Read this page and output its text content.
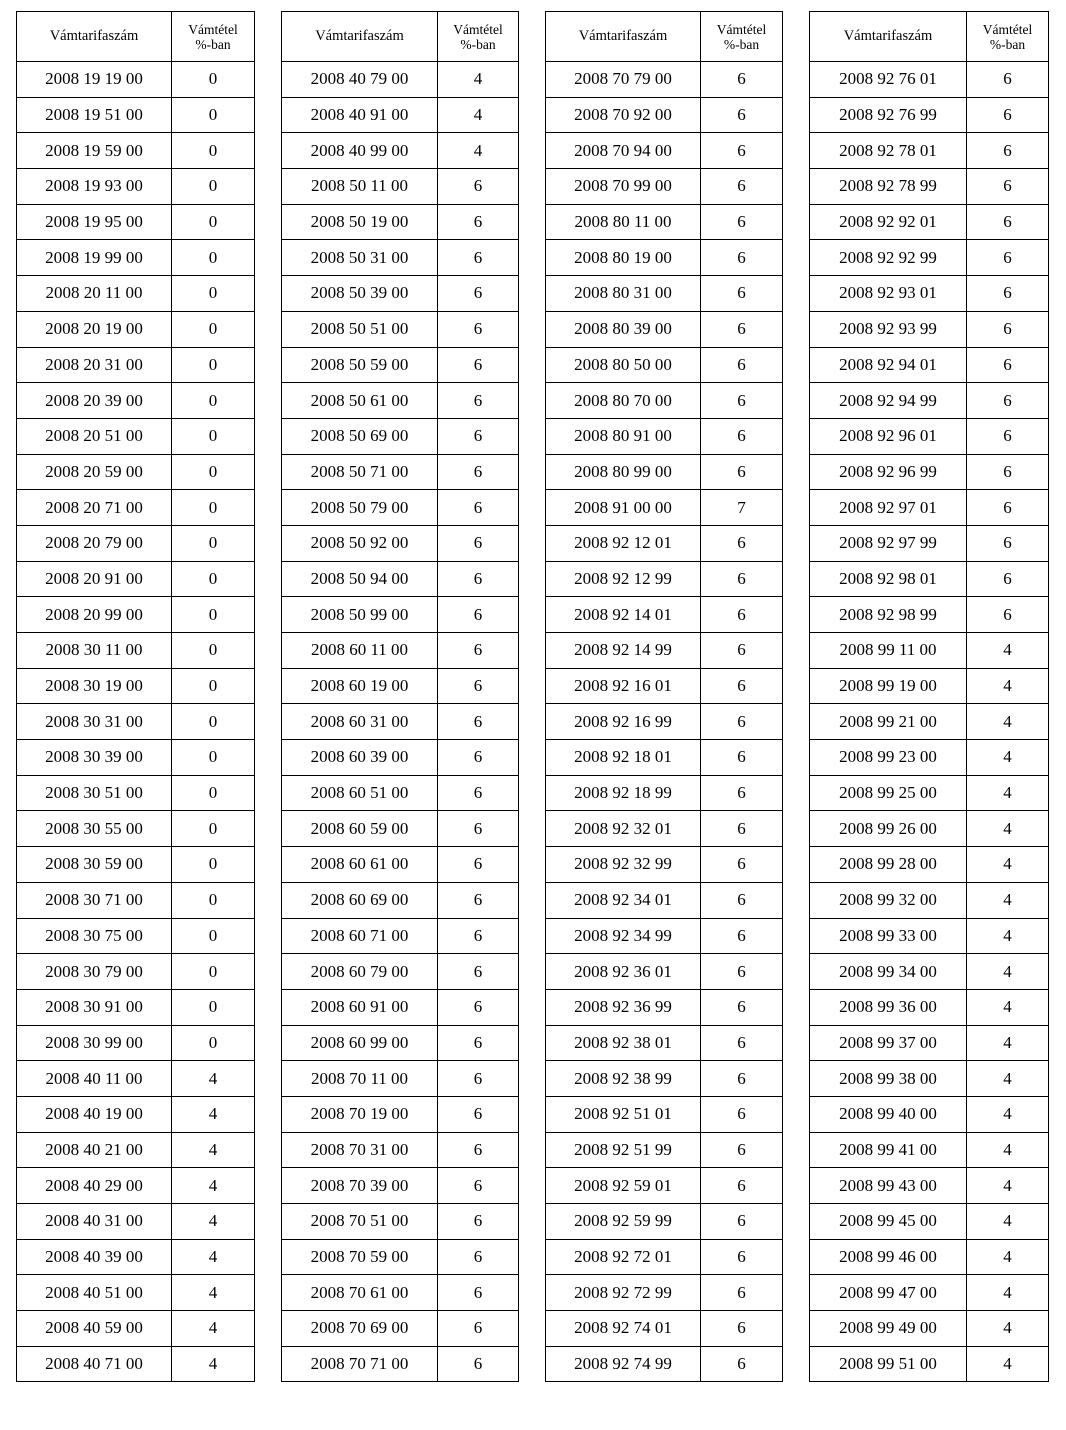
Vámtarifaszám	Vámtétel
%-ban
2008 19 19 00	0
2008 19 51 00	0
2008 19 59 00	0
2008 19 93 00	0
2008 19 95 00	0
2008 19 99 00	0
2008 20 11 00	0
2008 20 19 00	0
2008 20 31 00	0
2008 20 39 00	0
2008 20 51 00	0
2008 20 59 00	0
2008 20 71 00	0
2008 20 79 00	0
2008 20 91 00	0
2008 20 99 00	0
2008 30 11 00	0
2008 30 19 00	0
2008 30 31 00	0
2008 30 39 00	0
2008 30 51 00	0
2008 30 55 00	0
2008 30 59 00	0
2008 30 71 00	0
2008 30 75 00	0
2008 30 79 00	0
2008 30 91 00	0
2008 30 99 00	0
2008 40 11 00	4
2008 40 19 00	4
2008 40 21 00	4
2008 40 29 00	4
2008 40 31 00	4
2008 40 39 00	4
2008 40 51 00	4
2008 40 59 00	4
2008 40 71 00	4
Vámtarifaszám	Vámtétel
%-ban
2008 40 79 00	4
2008 40 91 00	4
2008 40 99 00	4
2008 50 11 00	6
2008 50 19 00	6
2008 50 31 00	6
2008 50 39 00	6
2008 50 51 00	6
2008 50 59 00	6
2008 50 61 00	6
2008 50 69 00	6
2008 50 71 00	6
2008 50 79 00	6
2008 50 92 00	6
2008 50 94 00	6
2008 50 99 00	6
2008 60 11 00	6
2008 60 19 00	6
2008 60 31 00	6
2008 60 39 00	6
2008 60 51 00	6
2008 60 59 00	6
2008 60 61 00	6
2008 60 69 00	6
2008 60 71 00	6
2008 60 79 00	6
2008 60 91 00	6
2008 60 99 00	6
2008 70 11 00	6
2008 70 19 00	6
2008 70 31 00	6
2008 70 39 00	6
2008 70 51 00	6
2008 70 59 00	6
2008 70 61 00	6
2008 70 69 00	6
2008 70 71 00	6
Vámtarifaszám	Vámtétel
%-ban
2008 70 79 00	6
2008 70 92 00	6
2008 70 94 00	6
2008 70 99 00	6
2008 80 11 00	6
2008 80 19 00	6
2008 80 31 00	6
2008 80 39 00	6
2008 80 50 00	6
2008 80 70 00	6
2008 80 91 00	6
2008 80 99 00	6
2008 91 00 00	7
2008 92 12 01	6
2008 92 12 99	6
2008 92 14 01	6
2008 92 14 99	6
2008 92 16 01	6
2008 92 16 99	6
2008 92 18 01	6
2008 92 18 99	6
2008 92 32 01	6
2008 92 32 99	6
2008 92 34 01	6
2008 92 34 99	6
2008 92 36 01	6
2008 92 36 99	6
2008 92 38 01	6
2008 92 38 99	6
2008 92 51 01	6
2008 92 51 99	6
2008 92 59 01	6
2008 92 59 99	6
2008 92 72 01	6
2008 92 72 99	6
2008 92 74 01	6
2008 92 74 99	6
Vámtarifaszám	Vámtétel
%-ban
2008 92 76 01	6
2008 92 76 99	6
2008 92 78 01	6
2008 92 78 99	6
2008 92 92 01	6
2008 92 92 99	6
2008 92 93 01	6
2008 92 93 99	6
2008 92 94 01	6
2008 92 94 99	6
2008 92 96 01	6
2008 92 96 99	6
2008 92 97 01	6
2008 92 97 99	6
2008 92 98 01	6
2008 92 98 99	6
2008 99 11 00	4
2008 99 19 00	4
2008 99 21 00	4
2008 99 23 00	4
2008 99 25 00	4
2008 99 26 00	4
2008 99 28 00	4
2008 99 32 00	4
2008 99 33 00	4
2008 99 34 00	4
2008 99 36 00	4
2008 99 37 00	4
2008 99 38 00	4
2008 99 40 00	4
2008 99 41 00	4
2008 99 43 00	4
2008 99 45 00	4
2008 99 46 00	4
2008 99 47 00	4
2008 99 49 00	4
2008 99 51 00	4
